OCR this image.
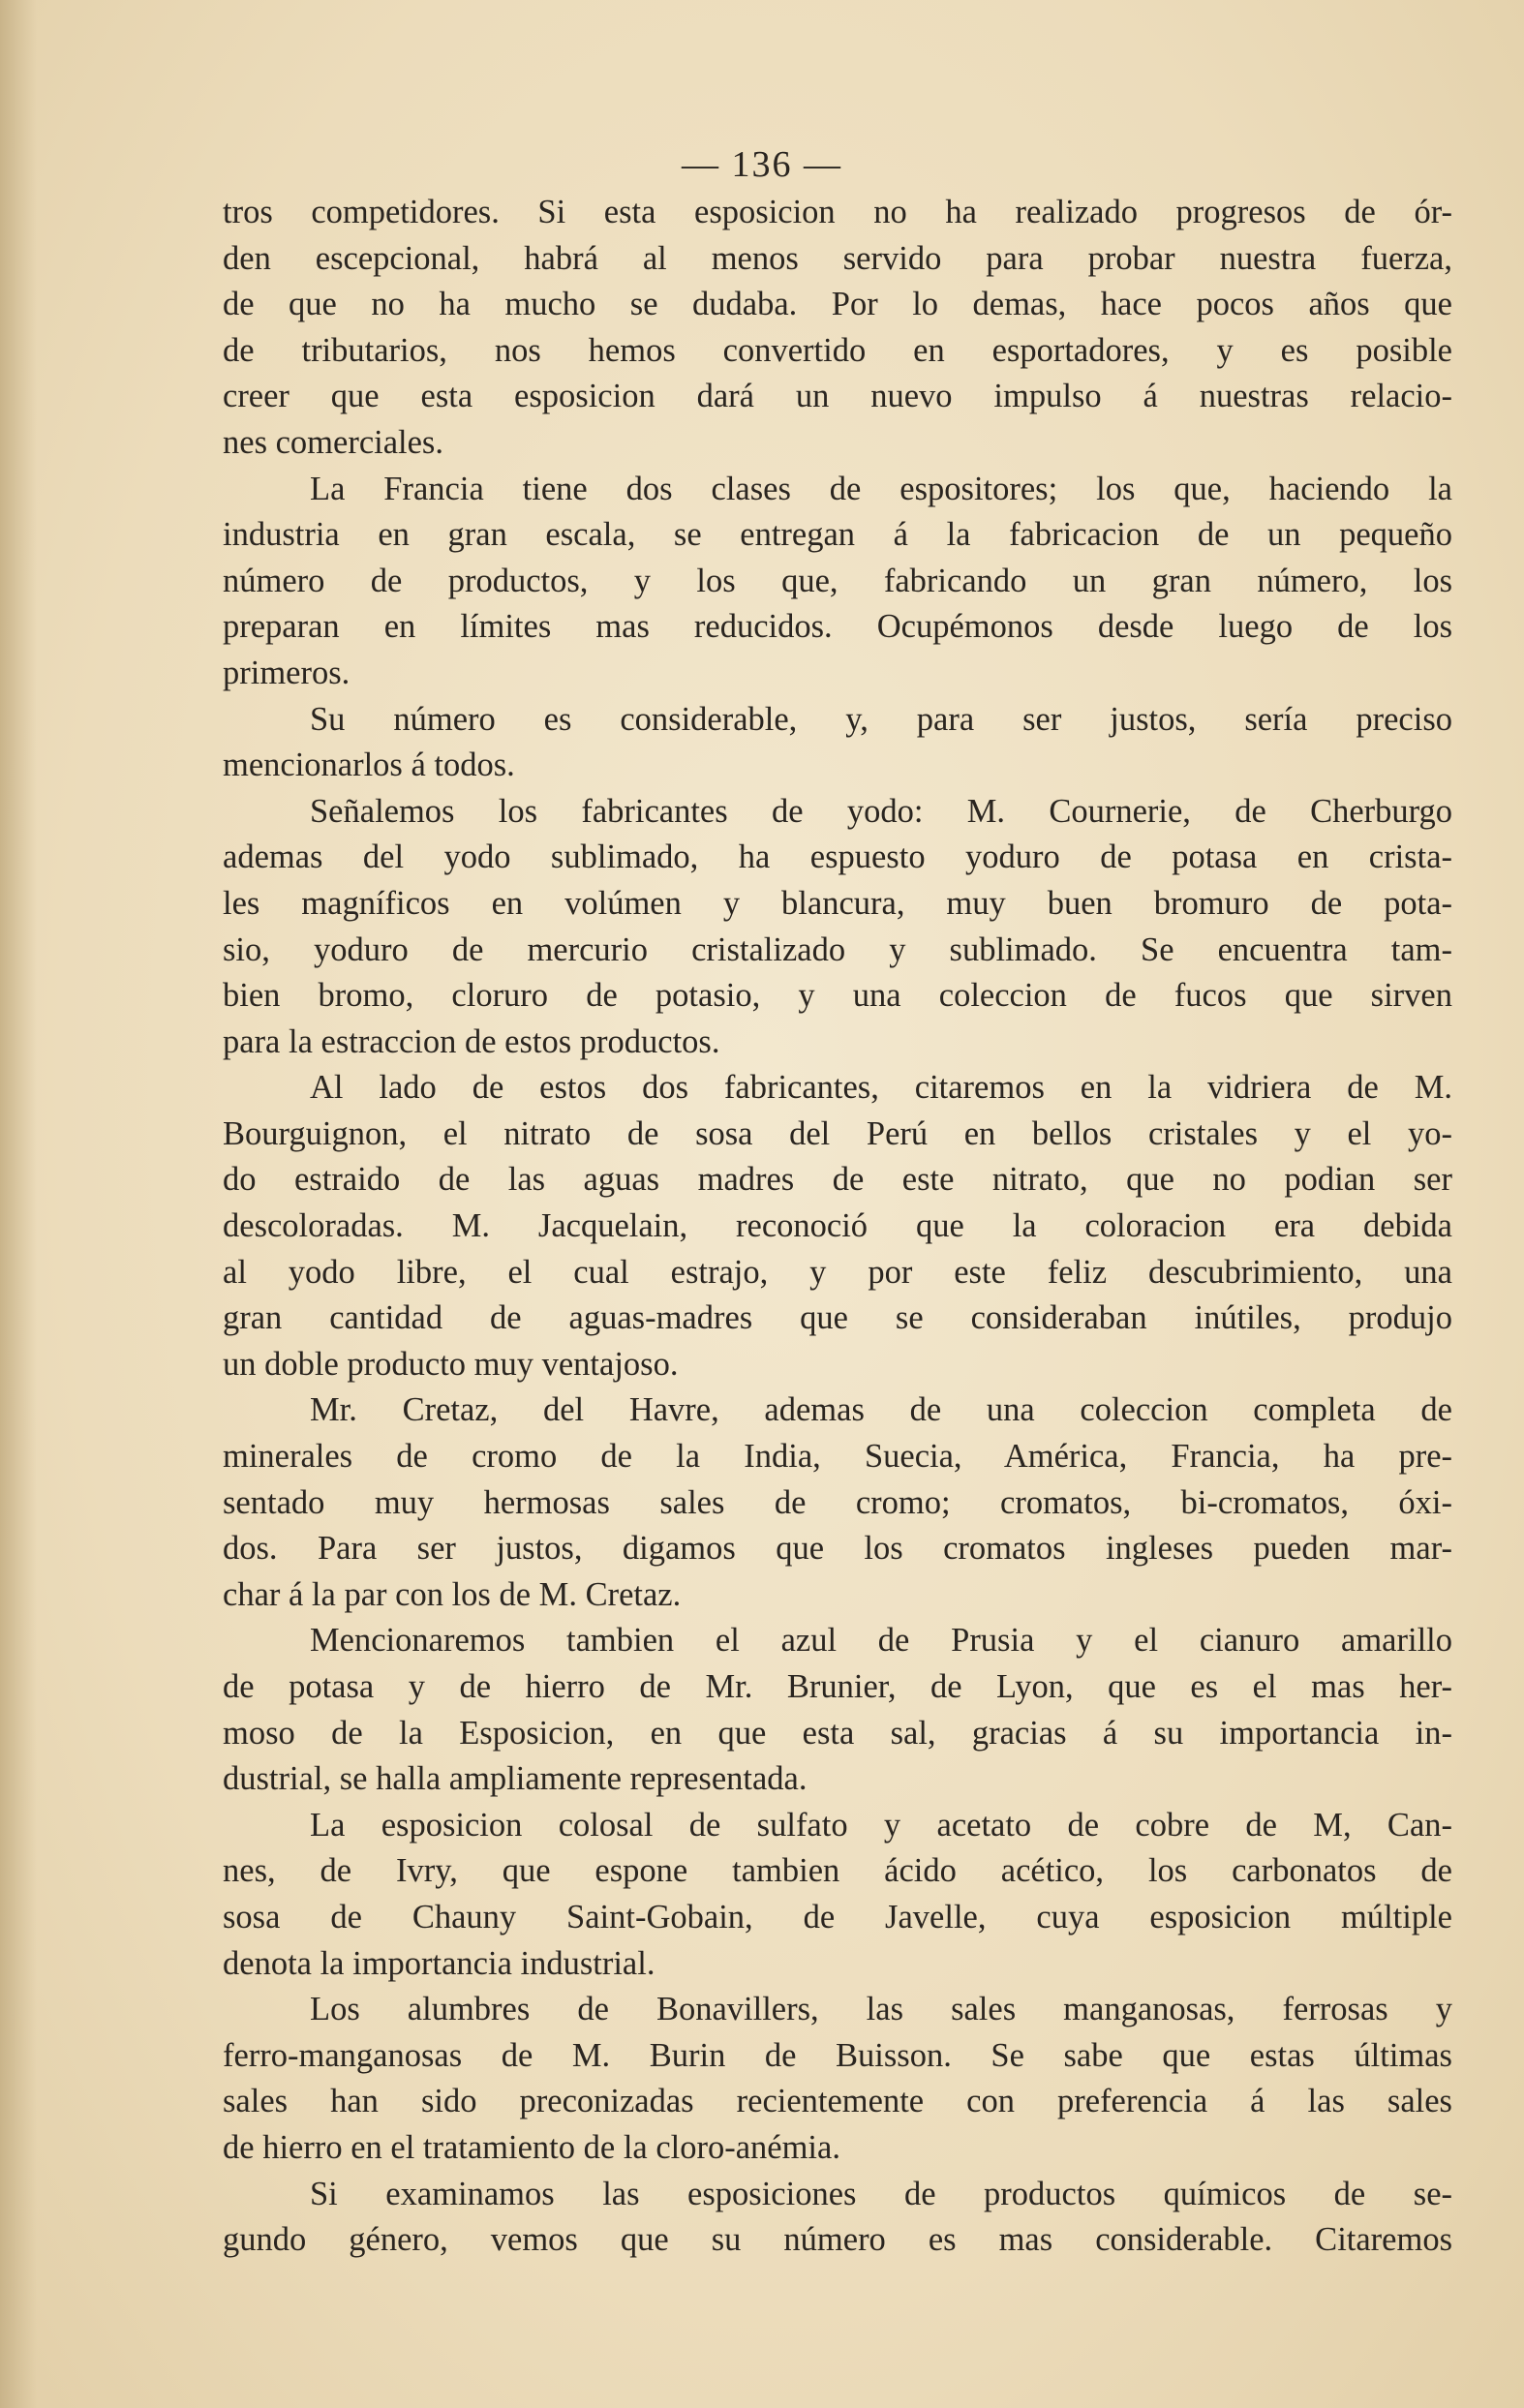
— 136 —
tros competidores. Si esta esposicion no ha realizado progresos de ór-
den escepcional, habrá al menos servido para probar nuestra fuerza,
de que no ha mucho se dudaba. Por lo demas, hace pocos años que
de tributarios, nos hemos convertido en esportadores, y es posible
creer que esta esposicion dará un nuevo impulso á nuestras relacio-
nes comerciales.
La Francia tiene dos clases de espositores; los que, haciendo la
industria en gran escala, se entregan á la fabricacion de un pequeño
número de productos, y los que, fabricando un gran número, los
preparan en límites mas reducidos. Ocupémonos desde luego de los
primeros.
Su número es considerable, y, para ser justos, sería preciso
mencionarlos á todos.
Señalemos los fabricantes de yodo: M. Cournerie, de Cherburgo
ademas del yodo sublimado, ha espuesto yoduro de potasa en crista-
les magníficos en volúmen y blancura, muy buen bromuro de pota-
sio, yoduro de mercurio cristalizado y sublimado. Se encuentra tam-
bien bromo, cloruro de potasio, y una coleccion de fucos que sirven
para la estraccion de estos productos.
Al lado de estos dos fabricantes, citaremos en la vidriera de M.
Bourguignon, el nitrato de sosa del Perú en bellos cristales y el yo-
do estraido de las aguas madres de este nitrato, que no podian ser
descoloradas. M. Jacquelain, reconoció que la coloracion era debida
al yodo libre, el cual estrajo, y por este feliz descubrimiento, una
gran cantidad de aguas-madres que se consideraban inútiles, produjo
un doble producto muy ventajoso.
Mr. Cretaz, del Havre, ademas de una coleccion completa de
minerales de cromo de la India, Suecia, América, Francia, ha pre-
sentado muy hermosas sales de cromo; cromatos, bi-cromatos, óxi-
dos. Para ser justos, digamos que los cromatos ingleses pueden mar-
char á la par con los de M. Cretaz.
Mencionaremos tambien el azul de Prusia y el cianuro amarillo
de potasa y de hierro de Mr. Brunier, de Lyon, que es el mas her-
moso de la Esposicion, en que esta sal, gracias á su importancia in-
dustrial, se halla ampliamente representada.
La esposicion colosal de sulfato y acetato de cobre de M, Can-
nes, de Ivry, que espone tambien ácido acético, los carbonatos de
sosa de Chauny Saint-Gobain, de Javelle, cuya esposicion múltiple
denota la importancia industrial.
Los alumbres de Bonavillers, las sales manganosas, ferrosas y
ferro-manganosas de M. Burin de Buisson. Se sabe que estas últimas
sales han sido preconizadas recientemente con preferencia á las sales
de hierro en el tratamiento de la cloro-anémia.
Si examinamos las esposiciones de productos químicos de se-
gundo género, vemos que su número es mas considerable. Citaremos
